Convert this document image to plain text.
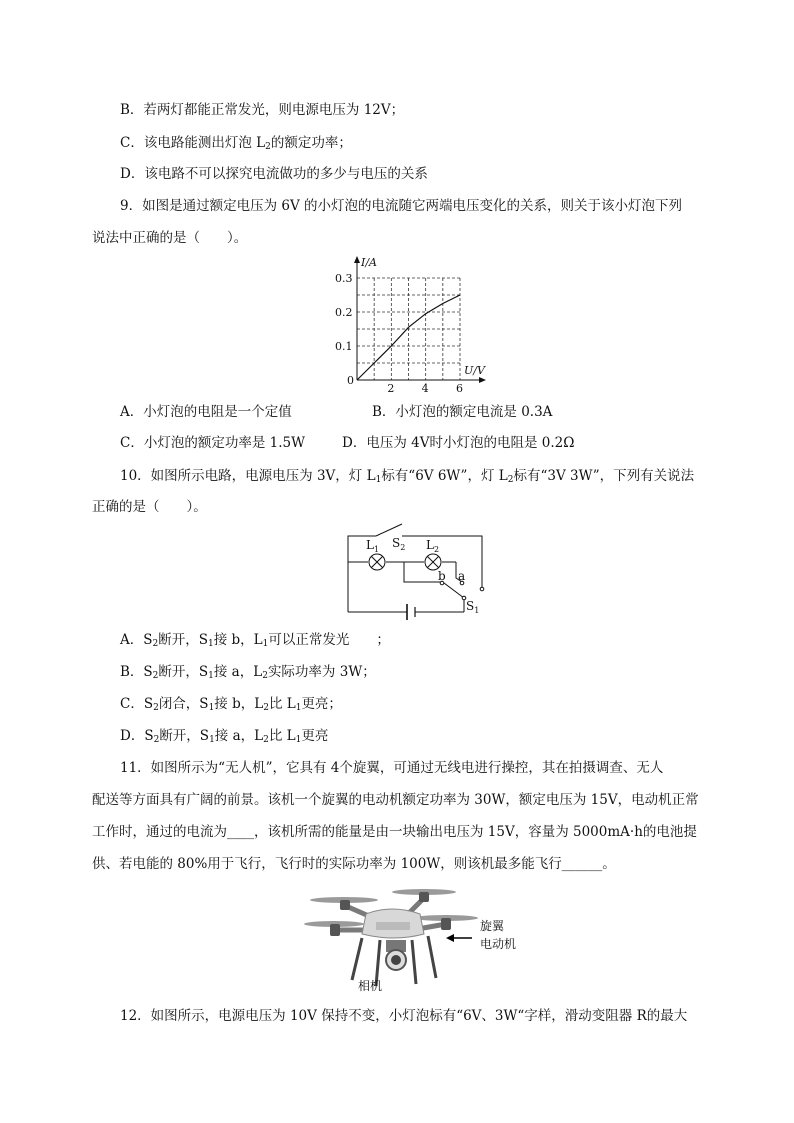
B．若两灯都能正常发光，则电源电压为 12V；
C．该电路能测出灯泡 $L_2$的额定功率；
D．该电路不可以探究电流做功的多少与电压的关系
9．如图是通过额定电压为 6V 的小灯泡的电流随它两端电压变化的关系，则关于该小灯泡下列
说法中正确的是（　　）。
2 4 6
0.1
0.2
0.3
0
U/V
I/A
A．小灯泡的电阻是一个定值	B．小灯泡的额定电流是 0.3A
C．小灯泡的额定功率是 1.5W	D．电压为 4V时小灯泡的电阻是 0.2Ω
10．如图所示电路，电源电压为 3V，灯 $L_1$标有“6V 6W”，灯 $L_2$标有“3V 3W”，下列有关说法
正确的是（　　）。
$L_1$ $S_2$ $L_2$
b a
$S_1$
A．$S_2$断开，$S_1$接 b，$L_1$可以正常发光　　；
B．$S_2$断开，$S_1$接 a，$L_2$实际功率为 3W；
C．$S_2$闭合，$S_1$接 b，$L_2$比 $L_1$更亮；
D．$S_2$断开，$S_1$接 a，$L_2$比 $L_1$更亮
11．如图所示为“无人机”，它具有 4个旋翼，可通过无线电进行操控，其在拍摄调查、无人
配送等方面具有广阔的前景。该机一个旋翼的电动机额定功率为 30W，额定电压为 15V，电动机正常
工作时，通过的电流为____，该机所需的能量是由一块输出电压为 15V，容量为 5000mA·h的电池提
供、若电能的 80%用于飞行，飞行时的实际功率为 100W，则该机最多能飞行______。
旋翼
电动机
相机
12．如图所示，电源电压为 10V 保持不变，小灯泡标有“6V、3W“字样，滑动变阻器 R的最大
